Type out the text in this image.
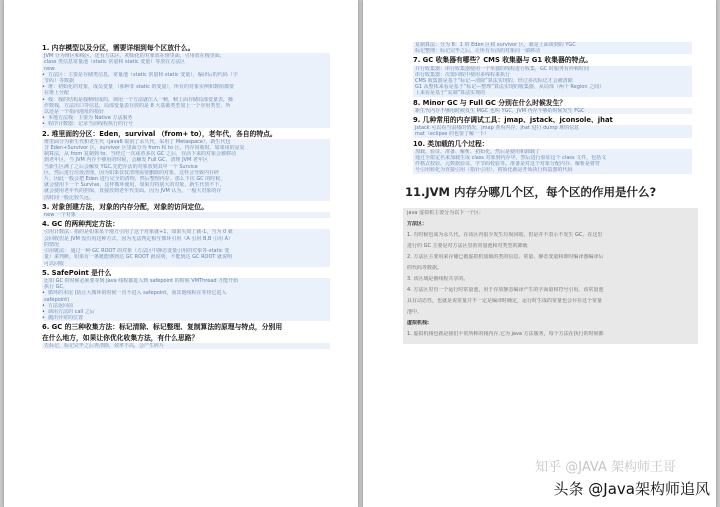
1. 内存模型以及分区，需要详细到每个区放什么。
JVM 分为堆区和栈区，还有方法区，初始化的对象放在堆里面，引用放在栈里面,
class 类信息常量池（static 常量和 static 变量）等放在方法区
new:
• 方法区：主要是存储类信息，常量池（static 常量和 static 变量），编译后的代码（字
节码）等数据
• 堆：初始化的对象，成员变量 （那种非 static 的变量），所有的对象实例和数组都要
在堆上分配
• 栈：栈的结构是栈帧组成的，调用一个方法就压入一帧，帧上面存储局部变量表，操
作数栈，方法出口等信息，局部变量表存放的是 8 大基础类型加上一个应用类型，所
以还是一个指向地址的指针
• 本地方法栈：主要为 Native 方法服务
• 程序计数器：记录当前线程执行的行号
2. 堆里面的分区：Eden，survival （from+ to），老年代，各自的特点。
堆里面分为新生代和老生代（java8 取消了永久代，采用了 Metaspace），新生代包
含 Eden+Survivor 区，survivor 区里面分为 from 和 to 区，内存回收时，如果用的是复
制算法，从 from 复制到 to，当经过一次或者多次 GC 之后，存活下来的对象会被移动
到老年区，当 JVM 内存不够用的时候，会触发 Full GC，清理 JVM 老年区
当新生区满了之后会触发 YGC,先把存活的对象放到其中一个 Survice
区，然后进行垃圾清理。因为如果仅仅清理需要删除的对象，这样会导致内存碎
片，因此一般会把 Eden 进行完全的清理，然后整理内存。那么下次 GC 的时候，
就会使用下一个 Survive，这样循环使用。如果有特别大的对象，新生代放不下，
就会使用老年代的担保，直接放到老年代里面。因为 JVM 认为，一般大对象的存
活时间一般比较久远。
3. 对象创建方法，对象的内存分配，对象的访问定位。
new 一个对象
4. GC 的两种判定方法：
引用计数法：指的是如果某个地方引用了这个对象就+1，如果失效了就-1，当为 0 就
会回收但是 JVM 没有用这种方式，因为无法判定相互循环引用（A 引用 B,B 引用 A）
的情况
引用链法： 通过一种 GC ROOT 的对象（方法区中静态变量引用的对象等-static 变
量）来判断，如果有一条链能够到达 GC ROOT 就说明，不能到达 GC ROOT 就说明
可以回收
5. SafePoint 是什么
比如 GC 的时候必须要等到 Java 线程都进入到 safepoint 的时候 VMThread 才能开始
执行 GC，
• 循环的末尾 (防止大循环的时候一直不进入 safepoint，而其他线程在等待它进入
safepoint)
• 方法返回前
• 调用方法的 call 之后
• 抛出异常的位置
6. GC 的三种收集方法：标记清除、标记整理、复制算法的原理与特点，分别用
在什么地方，如果让你优化收集方法，有什么思路？
先标记，标记完毕之后再清除，效率不高，会产生碎片
复制算法：分为 8：1 的 Eden 区和 survivor 区，就是上面谈到的 YGC
标记整理：标记完毕之后，让所有存活的对象向一端移动
7. GC 收集器有哪些？CMS 收集器与 G1 收集器的特点。
并行收集器：串行收集器使用一个单独的线程进行收集，GC 时服务有停顿时间
串行收集器：次要回收中使用多线程来执行
CMS 收集器是基于“标记—清除”算法实现的，经过多次标记才会被清除
G1 从整体来看是基于“标记—整理”算法实现的收集器，从局部（两个 Region 之间）
上来看是基于“复制”算法实现的
8. Minor GC 与 Full GC 分别在什么时候发生？
新生代内存不够用时候发生 MGC 也叫 YGC，JVM 内存不够的时候发生 FGC
9. 几种常用的内存调试工具：jmap、jstack、jconsole、jhat
jstack 可以看当前栈的情况，jmap 查看内存，jhat 进行 dump 堆的信息
mat（eclipse 的也要了解一下）
10. 类加载的几个过程：
加载、验证、准备、解析、初始化。然后是使用和卸载了
通过全限定名来加载生成 class 对象到内存中，然后进行验证这个 class 文件，包括文
件格式校验、元数据验证，字节码校验等。准备是对这个对象分配内存。解析是将符
号引用转化为直接引用（指针引用），初始化就是开始执行构造器的代码
11.JVM 内存分哪几个区，每个区的作用是什么?
java 虚拟机主要分为以下一个区:
方法区：
1. 有时候也成为永久代，在该区内很少发生垃圾回收，但是并不表示不发生 GC，在这里
进行的 GC 主要是对方法区里的常量池和对类型的卸载
2. 方法区主要用来存储已被虚拟机加载的类的信息、常量、静态变量和即时编译器编译后
的代码等数据。
3. 该区域是被线程共享的。
4. 方法区里有一个运行时常量池，用于存放静态编译产生的字面量和符号引用。该常量池
具有动态性，也就是说常量并不一定是编译时确定，运行时生成的常量也会存在这个常量
池中。
虚拟机栈:
1. 虚拟机栈也就是我们平常所称的栈内存,它为 java 方法服务，每个方法在执行的时候都
知乎 @JAVA 架构师王哥
头条 @Java架构师追风
